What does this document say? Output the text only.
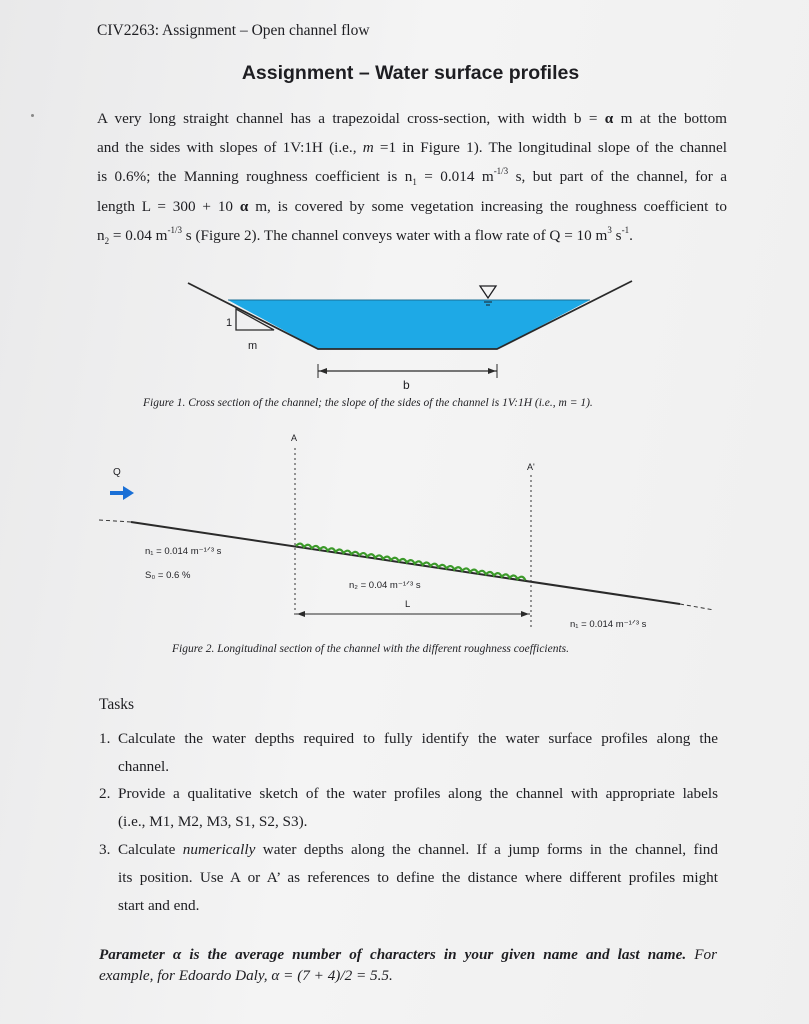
CIV2263: Assignment – Open channel flow
Assignment – Water surface profiles
A very long straight channel has a trapezoidal cross-section, with width b = α m at the bottom
and the sides with slopes of 1V:1H (i.e., m =1 in Figure 1). The longitudinal slope of the channel
is 0.6%; the Manning roughness coefficient is $n_1 = 0.014$ $m^{-1/3}$ s, but part of the channel, for a
length L = 300 + 10 α m, is covered by some vegetation increasing the roughness coefficient to
$n_2 = 0.04$ $m^{-1/3}$ s (Figure 2). The channel conveys water with a flow rate of Q = 10 $m^3$ $s^{-1}$.
1
m
b
Figure 1. Cross section of the channel; the slope of the sides of the channel is 1V:1H (i.e., m = 1).
Q
A
A'
n₁ = 0.014 m⁻¹ᐟ³ s
S₀ = 0.6 %
n₂ = 0.04 m⁻¹ᐟ³ s
L
n₁ = 0.014 m⁻¹ᐟ³ s
Figure 2. Longitudinal section of the channel with the different roughness coefficients.
Tasks
1. Calculate the water depths required to fully identify the water surface profiles along the
channel.
2. Provide a qualitative sketch of the water profiles along the channel with appropriate labels
(i.e., M1, M2, M3, S1, S2, S3).
3. Calculate numerically water depths along the channel. If a jump forms in the channel, find
its position. Use A or A’ as references to define the distance where different profiles might
start and end.
Parameter α is the average number of characters in your given name and last name. For
example, for Edoardo Daly, α = (7 + 4)/2 = 5.5.
